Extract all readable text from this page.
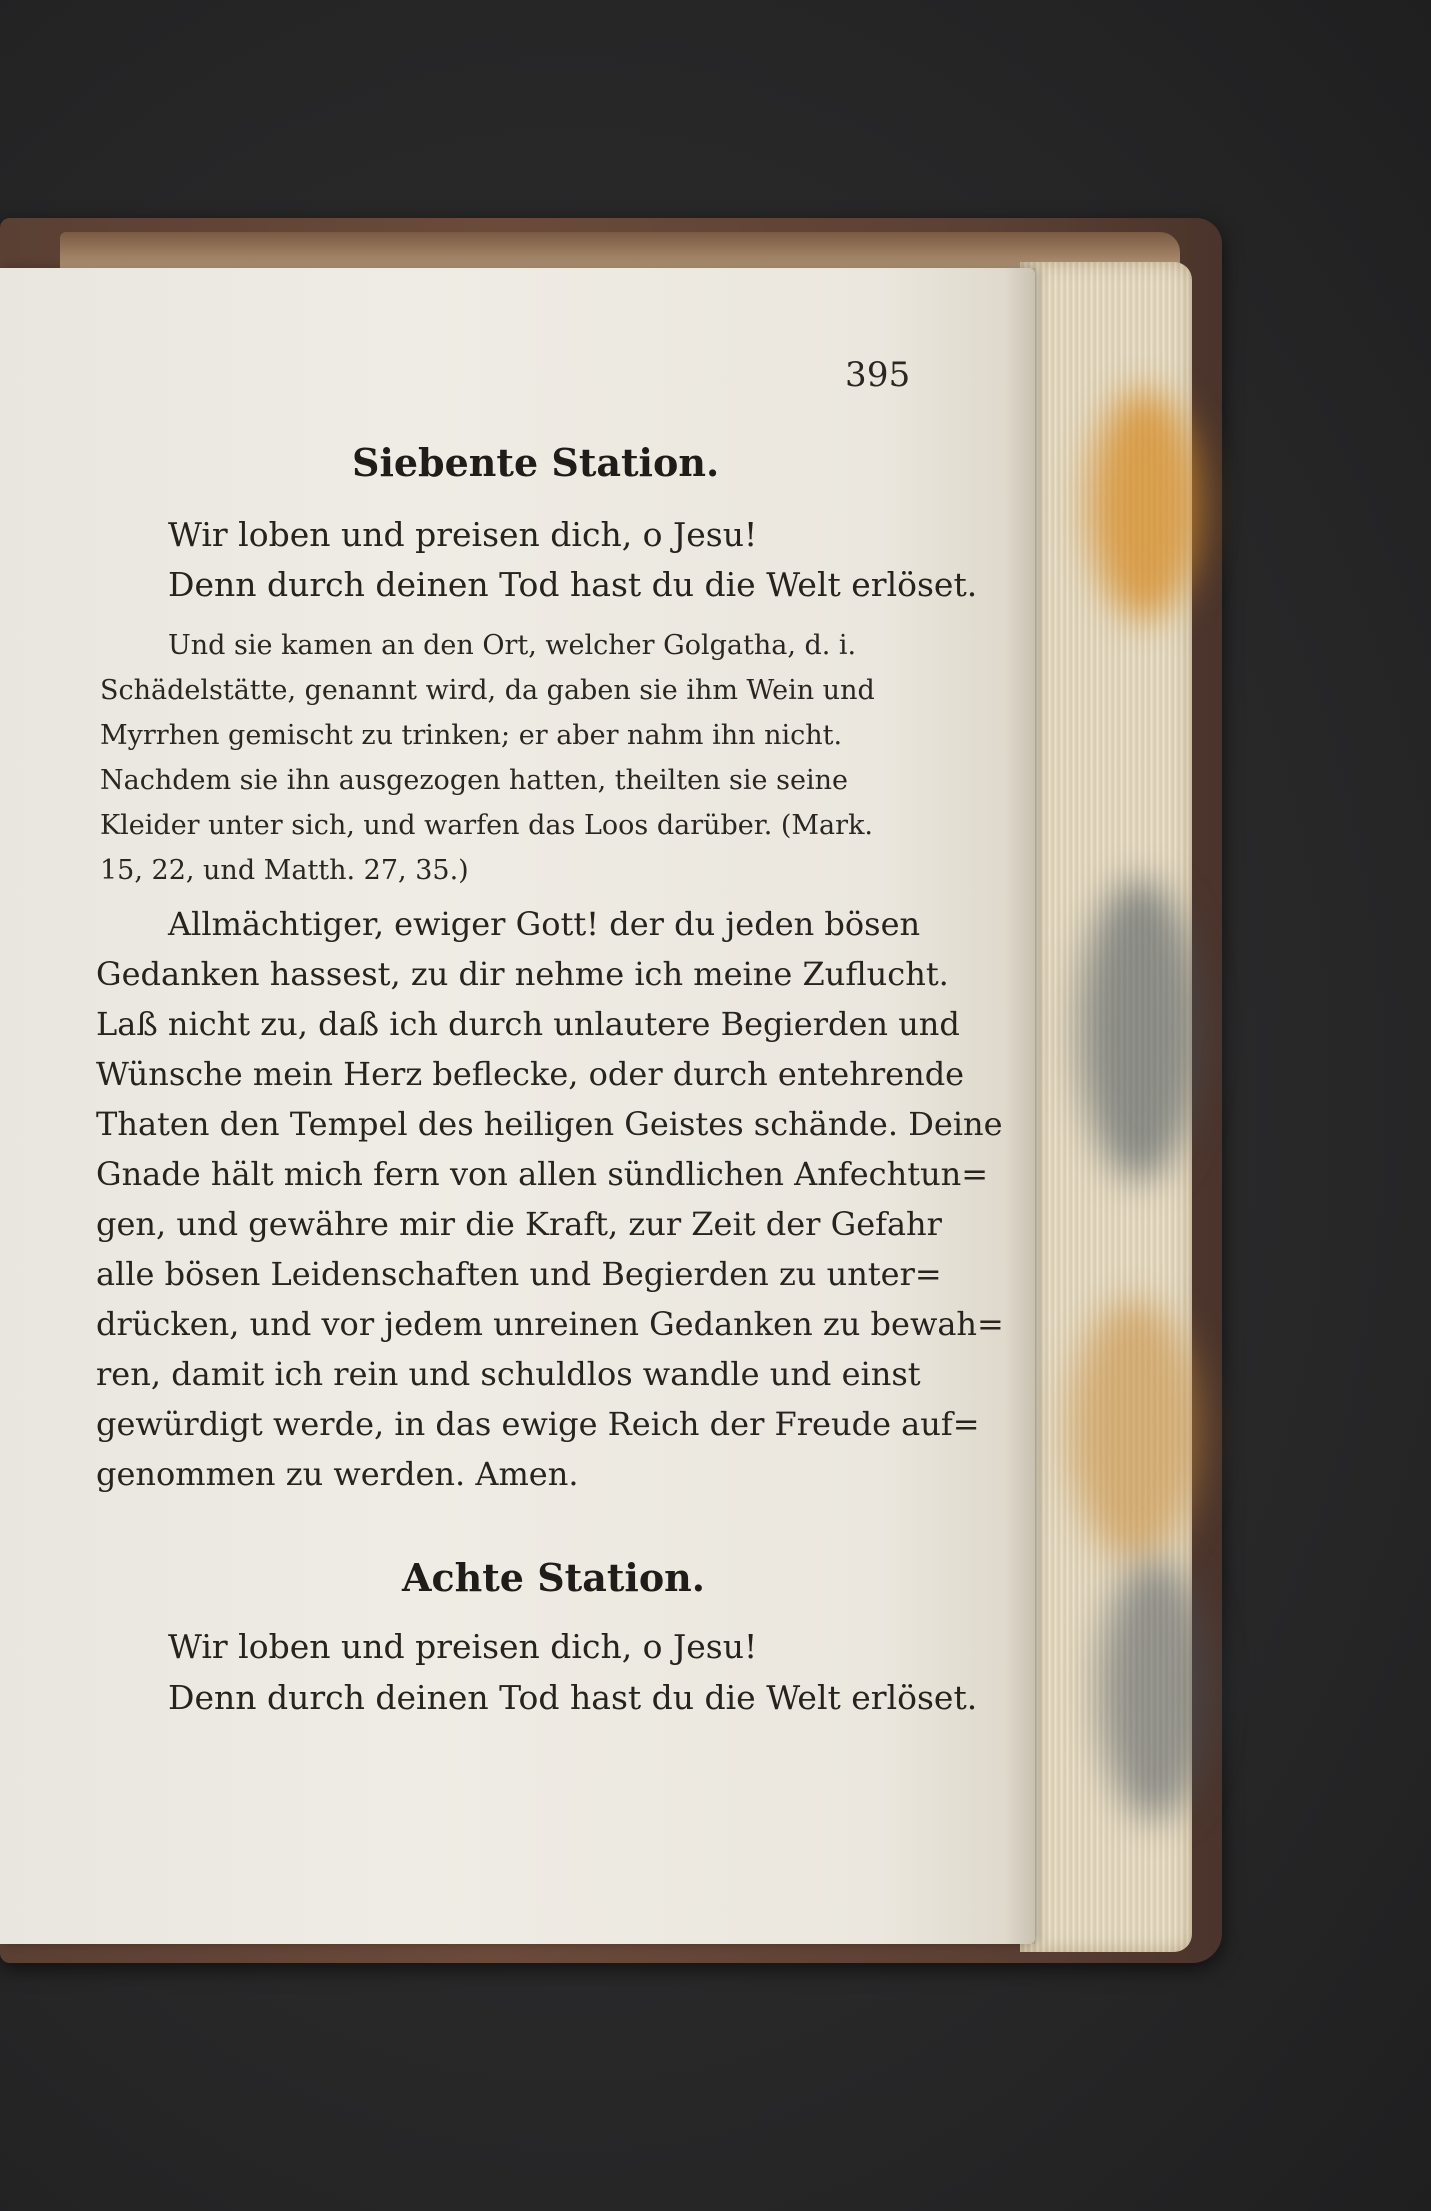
395
Siebente Station.
Wir loben und preisen dich, o Jesu!
Denn durch deinen Tod hast du die Welt erlöset.
Und sie kamen an den Ort, welcher Golgatha, d. i.
Schädelstätte, genannt wird, da gaben sie ihm Wein und
Myrrhen gemischt zu trinken; er aber nahm ihn nicht.
Nachdem sie ihn ausgezogen hatten, theilten sie seine
Kleider unter sich, und warfen das Loos darüber. (Mark.
15, 22, und Matth. 27, 35.)
Allmächtiger, ewiger Gott! der du jeden bösen
Gedanken hassest, zu dir nehme ich meine Zuflucht.
Laß nicht zu, daß ich durch unlautere Begierden und
Wünsche mein Herz beflecke, oder durch entehrende
Thaten den Tempel des heiligen Geistes schände. Deine
Gnade hält mich fern von allen sündlichen Anfechtun=
gen, und gewähre mir die Kraft, zur Zeit der Gefahr
alle bösen Leidenschaften und Begierden zu unter=
drücken, und vor jedem unreinen Gedanken zu bewah=
ren, damit ich rein und schuldlos wandle und einst
gewürdigt werde, in das ewige Reich der Freude auf=
genommen zu werden. Amen.
Achte Station.
Wir loben und preisen dich, o Jesu!
Denn durch deinen Tod hast du die Welt erlöset.
